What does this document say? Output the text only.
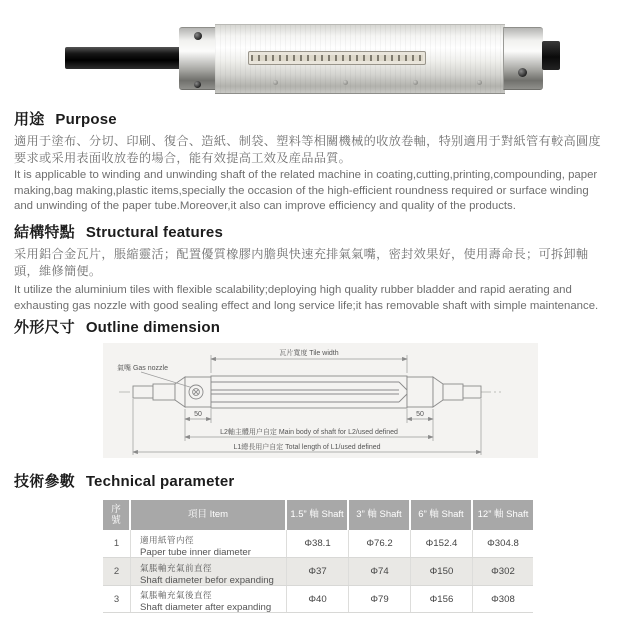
用途 Purpose
適用于塗布、分切、印刷、復合、造紙、制袋、塑料等相關機械的收放卷軸，特别適用于對紙管有較高圓度要求或采用表面收放卷的場合，能有效提高工效及産品品質。
It is applicable to winding and unwinding shaft of the related machine in coating,cutting,printing,compounding, paper making,bag making,plastic items,specially the occasion of the high-efficient roundness required or surface winding and unwinding of the paper tube.Moreover,it also can improve efficiency and quality of the products.
結構特點 Structural features
采用鋁合金瓦片，脹縮靈活；配置優質橡膠内膽與快速充排氣氣嘴，密封效果好，使用壽命長；可拆卸軸頭，維修簡便。
It utilize the aluminium tiles with flexible scalability;deploying high quality rubber bladder and rapid aerating and exhausting gas nozzle with good sealing effect and long service life;it has removable shaft with simple maintenance.
外形尺寸 Outline dimension
氣嘴 Gas nozzle
瓦片寬度 Tile width
50	50
L2軸主體用户自定 Main body of shaft for L2/used defined
L1總長用户自定 Total length of L1/used defined
技術參數 Technical parameter
序號
項目 Item	1.5” 軸 Shaft	3” 軸 Shaft	6” 軸 Shaft	12” 軸 Shaft
1	適用紙管内徑
Paper tube inner diameter
Φ38.1	Φ76.2	Φ152.4	Φ304.8
2	氣脹軸充氣前直徑
Shaft diameter befor expanding
Φ37	Φ74	Φ150	Φ302
3	氣脹軸充氣後直徑
Shaft diameter after expanding
Φ40	Φ79	Φ156	Φ308
